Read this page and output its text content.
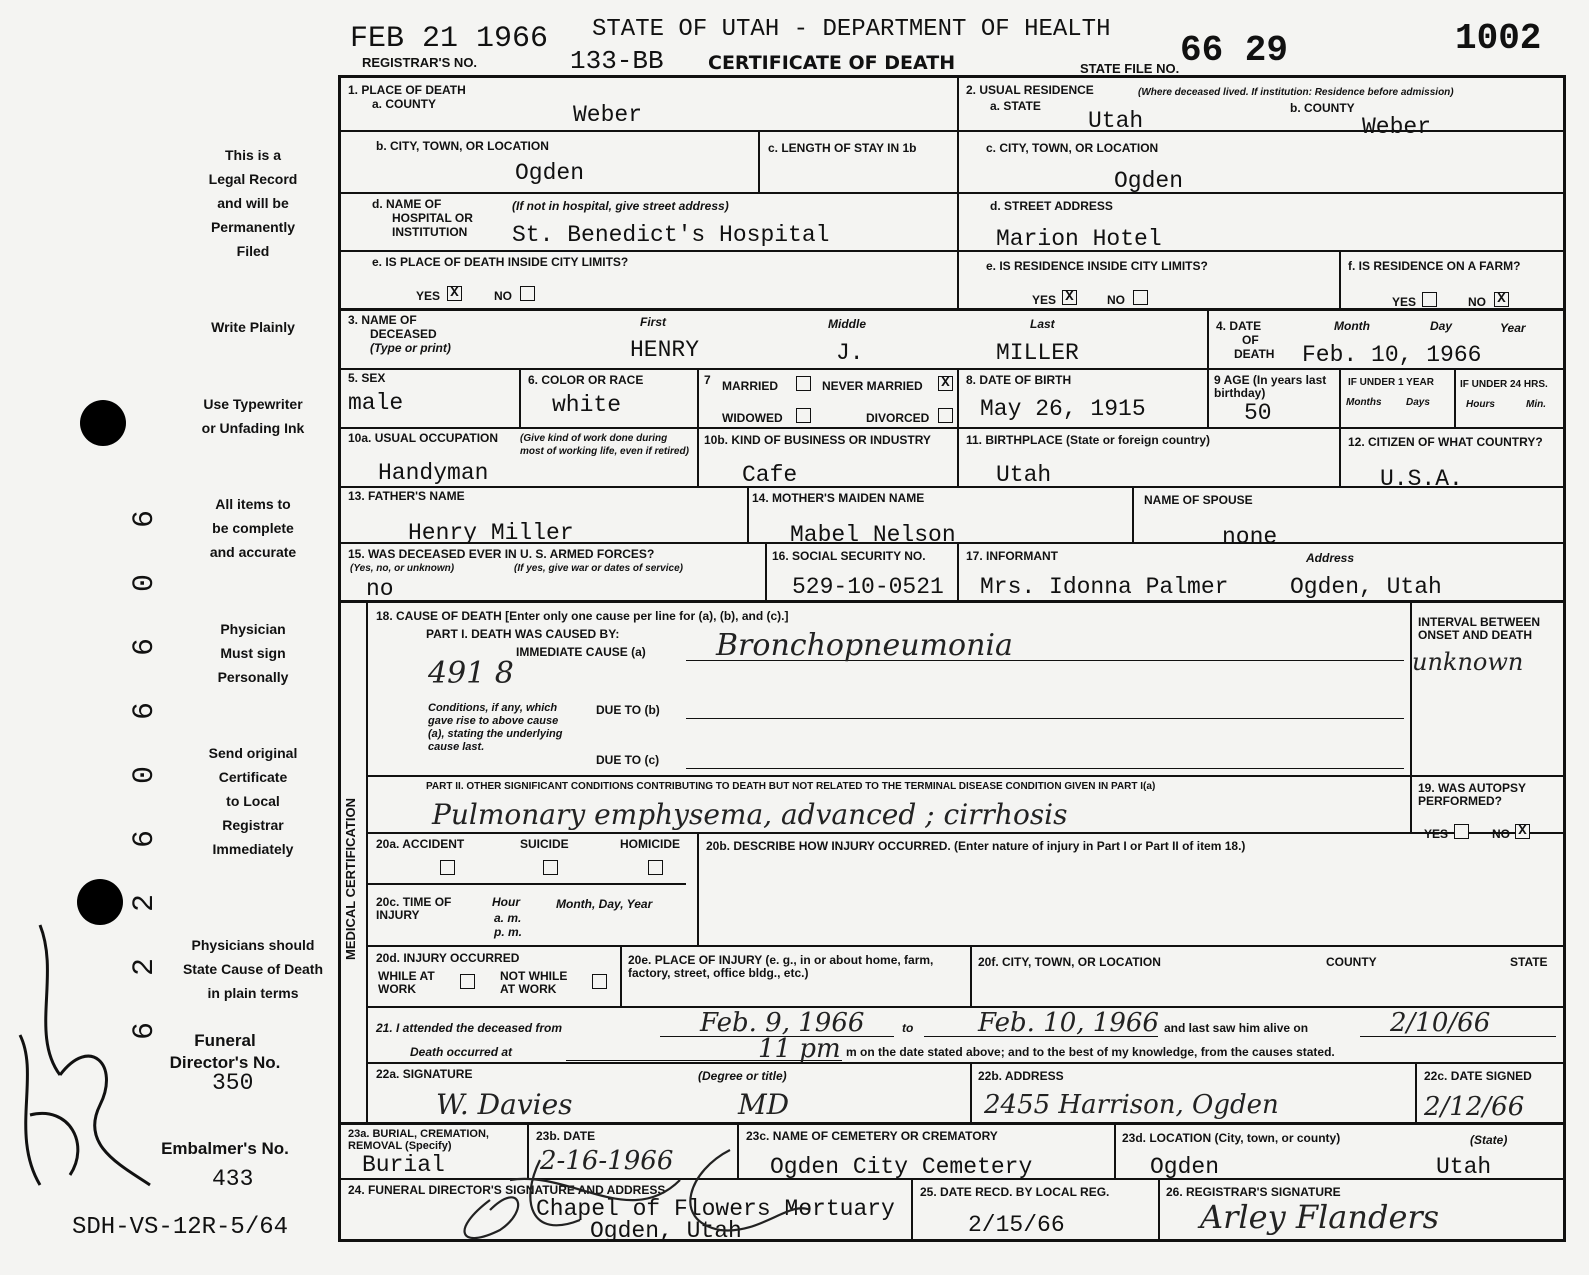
FEB 21 1966
REGISTRAR'S NO.	133-BB
STATE OF UTAH - DEPARTMENT OF HEALTH
CERTIFICATE OF DEATH	STATE FILE NO. 66 29	1002
This is a
Legal Record
and will be
Permanently
Filed
Write Plainly
Use Typewriter
or Unfading Ink
All items to
be complete
and accurate
Physician
Must sign
Personally
Send original
Certificate
to Local
Registrar
Immediately
Physicians should
State Cause of Death
in plain terms
Funeral
Director's No.
350
Embalmer's No.
433
SDH-VS-12R-5/64
6 2 2 6 0 6 6 0 6
1. PLACE OF DEATH
a. COUNTY	Weber
2. USUAL RESIDENCE	(Where deceased lived. If institution: Residence before admission)
a. STATE
Utah	b. COUNTY
Weber
b. CITY, TOWN, OR LOCATION
Ogden
c. LENGTH OF STAY IN 1b	c. CITY, TOWN, OR LOCATION
Ogden
d. NAME OF
HOSPITAL OR
INSTITUTION
(If not in hospital, give street address)
St. Benedict's Hospital
d. STREET ADDRESS
Marion Hotel
e. IS PLACE OF DEATH INSIDE CITY LIMITS?
YES X	NO
e. IS RESIDENCE INSIDE CITY LIMITS?
YES X	NO
f. IS RESIDENCE ON A FARM?
YES	NO X
3. NAME OF
DECEASED
(Type or print)
First	Middle	Last
HENRY	J.	MILLER
4. DATE
OF
DEATH
Month	Day	Year
Feb. 10, 1966
5. SEX
male
6. COLOR OR RACE
white
7 MARRIED	NEVER MARRIED X
WIDOWED	DIVORCED
8. DATE OF BIRTH
May 26, 1915
9 AGE (In years last birthday)
50
IF UNDER 1 YEAR	IF UNDER 24 HRS.
Months Days	Hours	Min.
10a. USUAL OCCUPATION (Give kind of work done during most of working life, even if retired)
Handyman
10b. KIND OF BUSINESS OR INDUSTRY
Cafe
11. BIRTHPLACE (State or foreign country)
Utah
12. CITIZEN OF WHAT COUNTRY?
U.S.A.
13. FATHER'S NAME
Henry Miller
14. MOTHER'S MAIDEN NAME
Mabel Nelson
NAME OF SPOUSE
none
15. WAS DECEASED EVER IN U. S. ARMED FORCES?
(Yes, no, or unknown)	(If yes, give war or dates of service)
no
16. SOCIAL SECURITY NO.
529-10-0521
17. INFORMANT	Address
Mrs. Idonna Palmer	Ogden, Utah
MEDICAL CERTIFICATION
18. CAUSE OF DEATH [Enter only one cause per line for (a), (b), and (c).]
PART I. DEATH WAS CAUSED BY:
IMMEDIATE CAUSE (a) Bronchopneumonia
491 8
INTERVAL BETWEEN ONSET AND DEATH
unknown
Conditions, if any, which gave rise to above cause (a), stating the underlying cause last.
DUE TO (b)
DUE TO (c)
PART II. OTHER SIGNIFICANT CONDITIONS CONTRIBUTING TO DEATH BUT NOT RELATED TO THE TERMINAL DISEASE CONDITION GIVEN IN PART I(a)
Pulmonary emphysema, advanced ; cirrhosis
19. WAS AUTOPSY PERFORMED?
YES	NO X
20a. ACCIDENT	SUICIDE	HOMICIDE 20b. DESCRIBE HOW INJURY OCCURRED. (Enter nature of injury in Part I or Part II of item 18.)
20c. TIME OF INJURY
Hour
a. m.
p. m.
Month, Day, Year
20d. INJURY OCCURRED
WHILE AT WORK
NOT WHILE AT WORK
20e. PLACE OF INJURY (e. g., in or about home, farm, factory, street, office bldg., etc.)
20f. CITY, TOWN, OR LOCATION	COUNTY	STATE
21. I attended the deceased from	Feb. 9, 1966	to Feb. 10, 1966 and last saw him alive on	2/10/66
Death occurred at	11 pm m on the date stated above; and to the best of my knowledge, from the causes stated.
22a. SIGNATURE	(Degree or title)
W. Davies	MD
22b. ADDRESS
2455 Harrison, Ogden
22c. DATE SIGNED
2/12/66
23a. BURIAL, CREMATION, REMOVAL (Specify)
Burial
23b. DATE
2-16-1966
23c. NAME OF CEMETERY OR CREMATORY
Ogden City Cemetery
23d. LOCATION (City, town, or county)	(State)
Ogden	Utah
24. FUNERAL DIRECTOR'S SIGNATURE AND ADDRESS
Chapel of Flowers Mortuary
Ogden, Utah
25. DATE RECD. BY LOCAL REG.
2/15/66
26. REGISTRAR'S SIGNATURE
Arley Flanders
